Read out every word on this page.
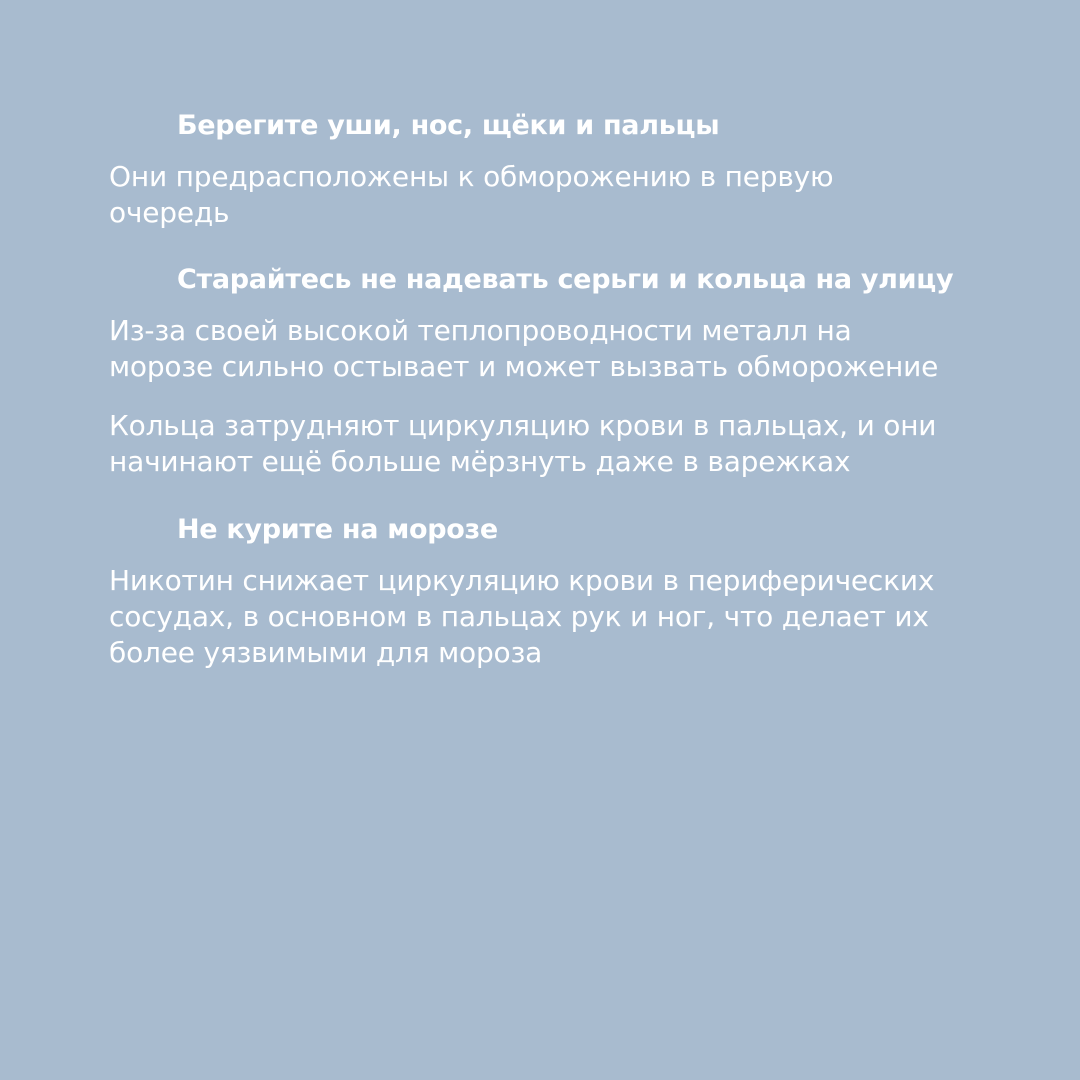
Берегите уши, нос, щёки и пальцы

Они предрасположены к обморожению в первую
очередь

Старайтесь не надевать серьги и кольца на улицу

Из-за своей высокой теплопроводности металл на
морозе сильно остывает и может вызвать обморожение

Кольца затрудняют циркуляцию крови в пальцах, и они
начинают ещё больше мёрзнуть даже в варежках

Не курите на морозе

Никотин снижает циркуляцию крови в периферических
сосудах, в основном в пальцах рук и ног, что делает их
более уязвимыми для мороза
